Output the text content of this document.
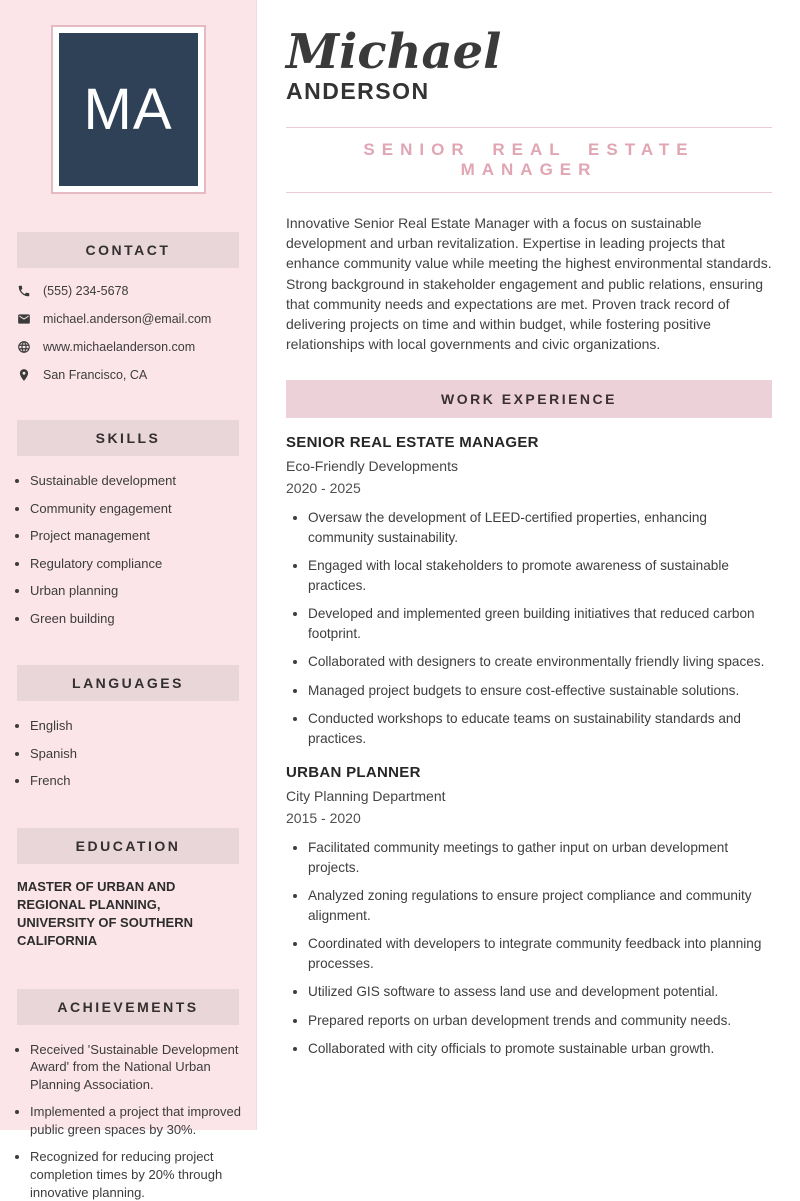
MA
CONTACT
(555) 234-5678
michael.anderson@email.com
www.michaelanderson.com
San Francisco, CA
SKILLS
• Sustainable development
• Community engagement
• Project management
• Regulatory compliance
• Urban planning
• Green building
LANGUAGES
• English
• Spanish
• French
EDUCATION
MASTER OF URBAN AND REGIONAL PLANNING, UNIVERSITY OF SOUTHERN CALIFORNIA
ACHIEVEMENTS
• Received 'Sustainable Development Award' from the National Urban Planning Association.
• Implemented a project that improved public green spaces by 30%.
• Recognized for reducing project completion times by 20% through innovative planning.
Michael
ANDERSON
SENIOR REAL ESTATE MANAGER

Innovative Senior Real Estate Manager with a focus on sustainable development and urban revitalization. Expertise in leading projects that enhance community value while meeting the highest environmental standards. Strong background in stakeholder engagement and public relations, ensuring that community needs and expectations are met. Proven track record of delivering projects on time and within budget, while fostering positive relationships with local governments and civic organizations.

WORK EXPERIENCE
SENIOR REAL ESTATE MANAGER
Eco-Friendly Developments
2020 - 2025
• Oversaw the development of LEED-certified properties, enhancing community sustainability.
• Engaged with local stakeholders to promote awareness of sustainable practices.
• Developed and implemented green building initiatives that reduced carbon footprint.
• Collaborated with designers to create environmentally friendly living spaces.
• Managed project budgets to ensure cost-effective sustainable solutions.
• Conducted workshops to educate teams on sustainability standards and practices.
URBAN PLANNER
City Planning Department
2015 - 2020
• Facilitated community meetings to gather input on urban development projects.
• Analyzed zoning regulations to ensure project compliance and community alignment.
• Coordinated with developers to integrate community feedback into planning processes.
• Utilized GIS software to assess land use and development potential.
• Prepared reports on urban development trends and community needs.
• Collaborated with city officials to promote sustainable urban growth.
